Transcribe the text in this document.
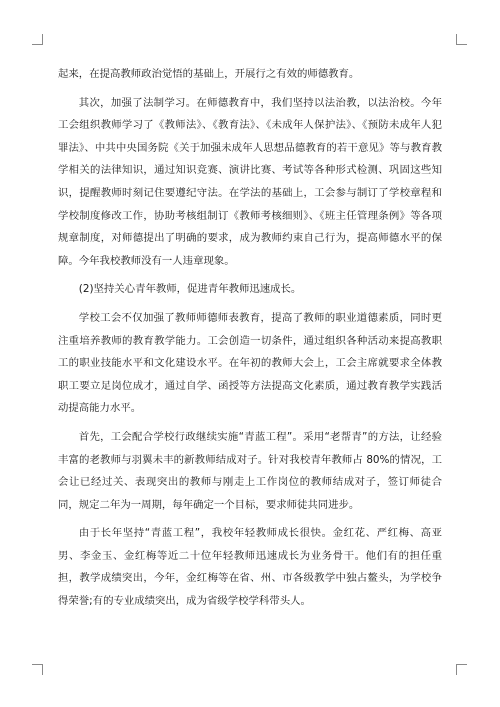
起来，在提高教师政治觉悟的基础上，开展行之有效的师德教育。

其次，加强了法制学习。在师德教育中，我们坚持以法治教，以法治校。今年工会组织教师学习了《教师法》、《教育法》、《未成年人保护法》、《预防未成年人犯罪法》、中共中央国务院《关于加强未成年人思想品德教育的若干意见》等与教育教学相关的法律知识，通过知识竞赛、演讲比赛、考试等各种形式检测、巩固这些知识，提醒教师时刻记住要遵纪守法。在学法的基础上，工会参与制订了学校章程和学校制度修改工作，协助考核组制订《教师考核细则》、《班主任管理条例》等各项规章制度，对师德提出了明确的要求，成为教师约束自己行为，提高师德水平的保障。今年我校教师没有一人违章现象。

(2)坚持关心青年教师，促进青年教师迅速成长。

学校工会不仅加强了教师师德师表教育，提高了教师的职业道德素质，同时更注重培养教师的教育教学能力。工会创造一切条件，通过组织各种活动来提高教职工的职业技能水平和文化建设水平。在年初的教师大会上，工会主席就要求全体教职工要立足岗位成才，通过自学、函授等方法提高文化素质，通过教育教学实践活动提高能力水平。

首先，工会配合学校行政继续实施“青蓝工程”。采用“老帮青”的方法，让经验丰富的老教师与羽翼未丰的新教师结成对子。针对我校青年教师占 80%的情况，工会让已经过关、表现突出的教师与刚走上工作岗位的教师结成对子，签订师徒合同，规定二年为一周期，每年确定一个目标，要求师徒共同进步。

由于长年坚持“青蓝工程”，我校年轻教师成长很快。金红花、严红梅、高亚男、李金玉、金红梅等近二十位年轻教师迅速成长为业务骨干。他们有的担任重担，教学成绩突出，今年，金红梅等在省、州、市各级教学中独占鳌头，为学校争得荣誉;有的专业成绩突出，成为省级学校学科带头人。
